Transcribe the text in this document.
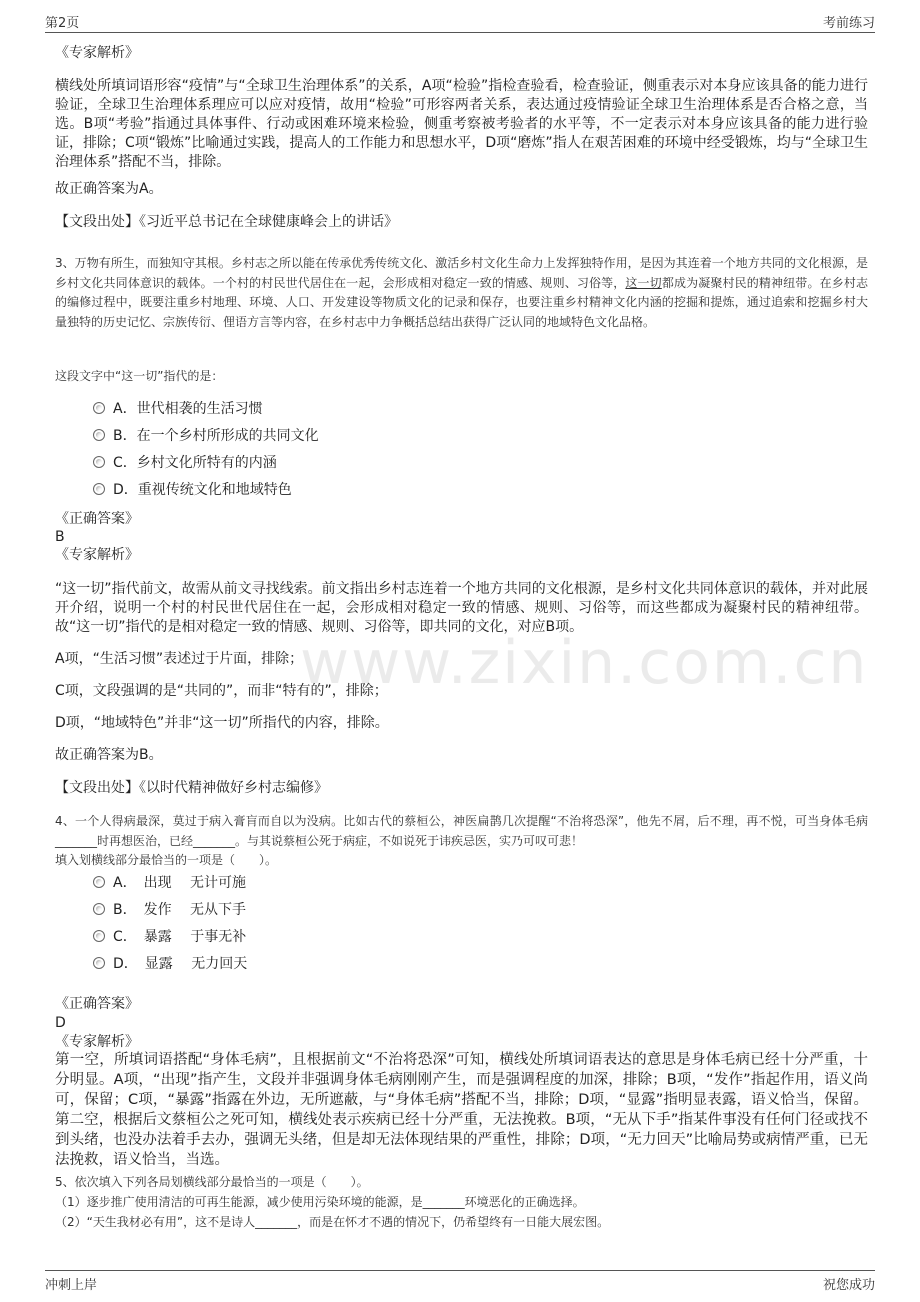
第2页	考前练习
www.zixin.com.cn
《专家解析》

横线处所填词语形容“疫情”与“全球卫生治理体系”的关系，A项“检验”指检查验看，检查验证，侧重表示对本身应该具备的能力进行验证，全球卫生治理体系理应可以应对疫情，故用“检验”可形容两者关系，表达通过疫情验证全球卫生治理体系是否合格之意，当选。B项“考验”指通过具体事件、行动或困难环境来检验，侧重考察被考验者的水平等，不一定表示对本身应该具备的能力进行验证，排除；C项“锻炼”比喻通过实践，提高人的工作能力和思想水平，D项“磨炼”指人在艰苦困难的环境中经受锻炼，均与“全球卫生治理体系”搭配不当，排除。

故正确答案为A。
【文段出处】《习近平总书记在全球健康峰会上的讲话》

3、万物有所生，而独知守其根。乡村志之所以能在传承优秀传统文化、激活乡村文化生命力上发挥独特作用，是因为其连着一个地方共同的文化根源，是乡村文化共同体意识的载体。一个村的村民世代居住在一起，会形成相对稳定一致的情感、规则、习俗等，这一切都成为凝聚村民的精神纽带。在乡村志的编修过程中，既要注重乡村地理、环境、人口、开发建设等物质文化的记录和保存，也要注重乡村精神文化内涵的挖掘和提炼，通过追索和挖掘乡村大量独特的历史记忆、宗族传衍、俚语方言等内容，在乡村志中力争概括总结出获得广泛认同的地域特色文化品格。

这段文字中“这一切”指代的是：
A．世代相袭的生活习惯
B．在一个乡村所形成的共同文化
C．乡村文化所特有的内涵
D．重视传统文化和地域特色
《正确答案》
B
《专家解析》

“这一切”指代前文，故需从前文寻找线索。前文指出乡村志连着一个地方共同的文化根源，是乡村文化共同体意识的载体，并对此展开介绍，说明一个村的村民世代居住在一起，会形成相对稳定一致的情感、规则、习俗等，而这些都成为凝聚村民的精神纽带。故“这一切”指代的是相对稳定一致的情感、规则、习俗等，即共同的文化，对应B项。

A项，“生活习惯”表述过于片面，排除；
C项，文段强调的是“共同的”，而非“特有的”，排除；
D项，“地域特色”并非“这一切”所指代的内容，排除。
故正确答案为B。
【文段出处】《以时代精神做好乡村志编修》

4、一个人得病最深，莫过于病入膏肓而自以为没病。比如古代的蔡桓公，神医扁鹊几次提醒“不治将恐深”，他先不屑，后不理，再不悦，可当身体毛病_______时再想医治，已经_______。与其说蔡桓公死于病症，不如说死于讳疾忌医，实乃可叹可悲！

填入划横线部分最恰当的一项是（　　）。
A．　出现　 无计可施
B．　发作　 无从下手
C．　暴露　 于事无补
D．　显露　 无力回天
《正确答案》
D
《专家解析》

第一空，所填词语搭配“身体毛病”，且根据前文“不治将恐深”可知，横线处所填词语表达的意思是身体毛病已经十分严重，十分明显。A项，“出现”指产生，文段并非强调身体毛病刚刚产生，而是强调程度的加深，排除；B项，“发作”指起作用，语义尚可，保留；C项，“暴露”指露在外边，无所遮蔽，与“身体毛病”搭配不当，排除；D项，“显露”指明显表露，语义恰当，保留。第二空，根据后文蔡桓公之死可知，横线处表示疾病已经十分严重，无法挽救。B项，“无从下手”指某件事没有任何门径或找不到头绪，也没办法着手去办，强调无头绪，但是却无法体现结果的严重性，排除；D项，“无力回天”比喻局势或病情严重，已无法挽救，语义恰当，当选。

5、依次填入下列各局划横线部分最恰当的一项是（　　）。
（1）逐步推广使用清洁的可再生能源，减少使用污染环境的能源，是_______环境恶化的正确选择。
（2）“天生我材必有用”，这不是诗人_______，而是在怀才不遇的情况下，仍希望终有一日能大展宏图。
冲刺上岸	祝您成功
